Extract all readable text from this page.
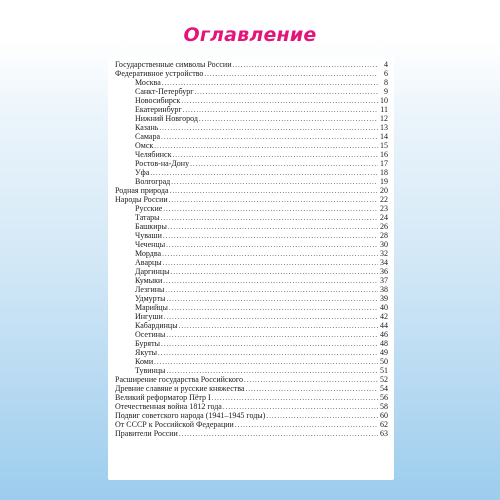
Оглавление
Государственные символы России .....	4
Федеративное устройство .....	6
Москва .....	8
Санкт-Петербург .....	9
Новосибирск .....	10
Екатеринбург .....	11
Нижний Новгород .....	12
Казань .....	13
Самара .....	14
Омск .....	15
Челябинск .....	16
Ростов-на-Дону .....	17
Уфа .....	18
Волгоград .....	19
Родная природа .....	20
Народы России .....	22
Русские .....	23
Татары .....	24
Башкиры .....	26
Чуваши .....	28
Чеченцы .....	30
Мордва .....	32
Аварцы .....	34
Даргинцы .....	36
Кумыки .....	37
Лезгины .....	38
Удмурты .....	39
Марийцы .....	40
Ингуши .....	42
Кабардинцы .....	44
Осетины .....	46
Буряты .....	48
Якуты .....	49
Коми .....	50
Тувинцы .....	51
Расширение государства Российского .....	52
Древние славяне и русские княжества .....	54
Великий реформатор Пётр I .....	56
Отечественная война 1812 года .....	58
Подвиг советского народа (1941–1945 годы) .....	60
От СССР к Российской Федерации .....	62
Правители России .....	63
